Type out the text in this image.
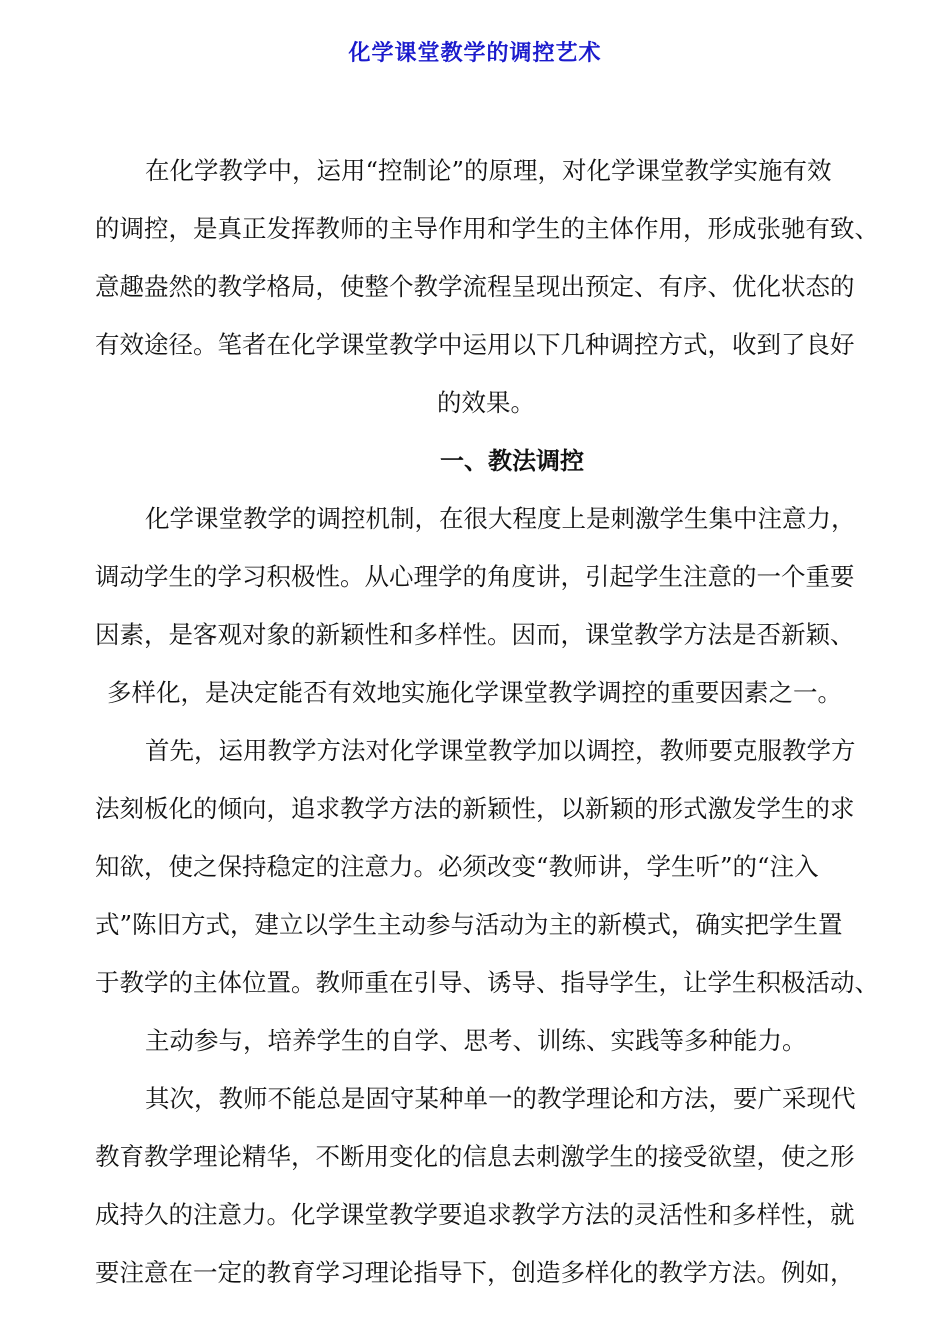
化学课堂教学的调控艺术
在化学教学中，运用“控制论”的原理，对化学课堂教学实施有效
的调控，是真正发挥教师的主导作用和学生的主体作用，形成张驰有致、
意趣盎然的教学格局，使整个教学流程呈现出预定、有序、优化状态的
有效途径。笔者在化学课堂教学中运用以下几种调控方式，收到了良好
的效果。
一、教法调控
化学课堂教学的调控机制，在很大程度上是刺激学生集中注意力，
调动学生的学习积极性。从心理学的角度讲，引起学生注意的一个重要
因素，是客观对象的新颖性和多样性。因而，课堂教学方法是否新颖、
多样化，是决定能否有效地实施化学课堂教学调控的重要因素之一。
首先，运用教学方法对化学课堂教学加以调控，教师要克服教学方
法刻板化的倾向，追求教学方法的新颖性，以新颖的形式激发学生的求
知欲，使之保持稳定的注意力。必须改变“教师讲，学生听”的“注入
式”陈旧方式，建立以学生主动参与活动为主的新模式，确实把学生置
于教学的主体位置。教师重在引导、诱导、指导学生，让学生积极活动、
主动参与，培养学生的自学、思考、训练、实践等多种能力。
其次，教师不能总是固守某种单一的教学理论和方法，要广采现代
教育教学理论精华，不断用变化的信息去刺激学生的接受欲望，使之形
成持久的注意力。化学课堂教学要追求教学方法的灵活性和多样性，就
要注意在一定的教育学习理论指导下，创造多样化的教学方法。例如，
